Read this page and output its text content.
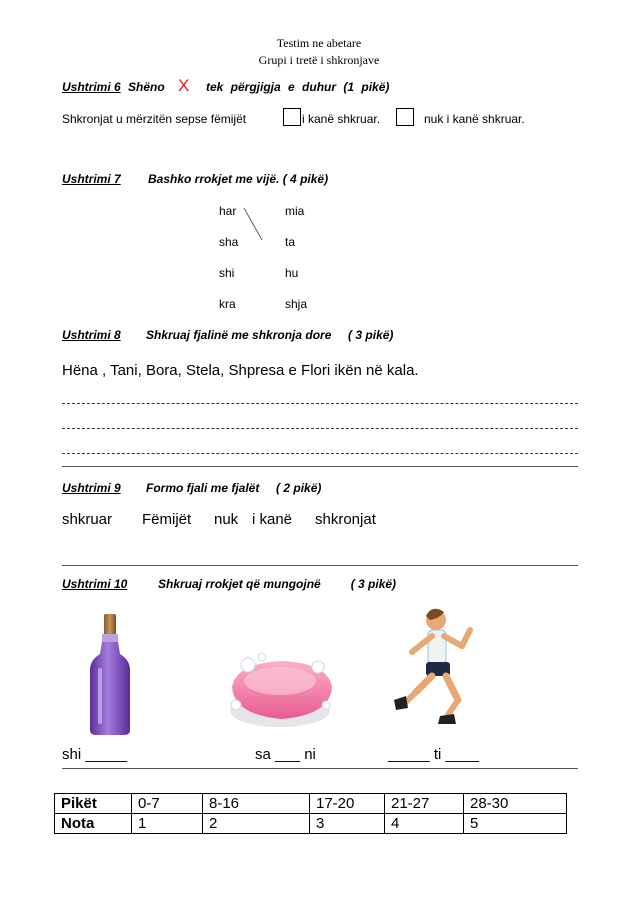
Testim ne abetare
Grupi i tretë i shkronjave
Ushtrimi 6 Shëno X tek përgjigja e duhur (1 pikë)
Shkronjat u mërzitën sepse fëmijët	i kanë shkruar.	nuk i kanë shkruar.
Ushtrimi 7 Bashko rrokjet me vijë. ( 4 pikë)
har
sha
shi
kra
mia
ta
hu
shja
Ushtrimi 8 Shkruaj fjalinë me shkronja dore     ( 3 pikë)
Hëna , Tani, Bora, Stela, Shpresa e Flori ikën në kala.
Ushtrimi 9 Formo fjali me fjalët     ( 2 pikë)
shkruar Fëmijët nuk i kanë shkronjat
Ushtrimi 10	Shkruaj rrokjet që mungojnë         ( 3 pikë)
shi _____	sa ___ ni	_____ ti ____
Pikët	0-7	8-16	17-20	21-27	28-30
Nota	1	2	3	4	5
